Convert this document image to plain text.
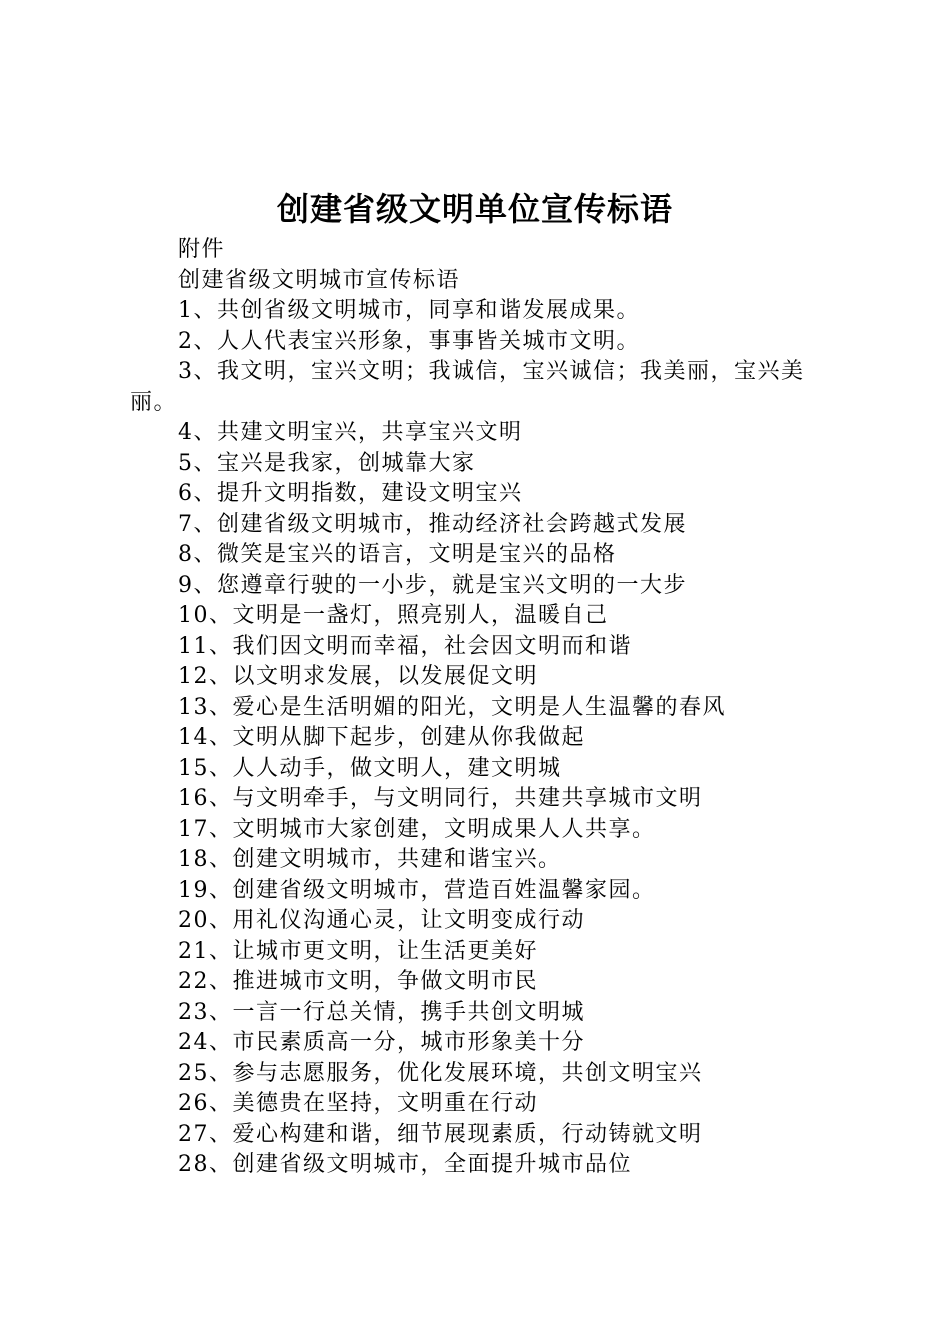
创建省级文明单位宣传标语

附件

创建省级文明城市宣传标语

1、共创省级文明城市，同享和谐发展成果。

2、人人代表宝兴形象，事事皆关城市文明。

3、我文明，宝兴文明；我诚信，宝兴诚信；我美丽，宝兴美丽。

4、共建文明宝兴，共享宝兴文明

5、宝兴是我家，创城靠大家

6、提升文明指数，建设文明宝兴

7、创建省级文明城市，推动经济社会跨越式发展

8、微笑是宝兴的语言，文明是宝兴的品格

9、您遵章行驶的一小步，就是宝兴文明的一大步

10、文明是一盏灯，照亮别人，温暖自己

11、我们因文明而幸福，社会因文明而和谐

12、以文明求发展，以发展促文明

13、爱心是生活明媚的阳光，文明是人生温馨的春风

14、文明从脚下起步，创建从你我做起

15、人人动手，做文明人，建文明城

16、与文明牵手，与文明同行，共建共享城市文明

17、文明城市大家创建，文明成果人人共享。

18、创建文明城市，共建和谐宝兴。

19、创建省级文明城市，营造百姓温馨家园。

20、用礼仪沟通心灵，让文明变成行动

21、让城市更文明，让生活更美好

22、推进城市文明，争做文明市民

23、一言一行总关情，携手共创文明城

24、市民素质高一分，城市形象美十分

25、参与志愿服务，优化发展环境，共创文明宝兴

26、美德贵在坚持，文明重在行动

27、爱心构建和谐，细节展现素质，行动铸就文明

28、创建省级文明城市，全面提升城市品位
